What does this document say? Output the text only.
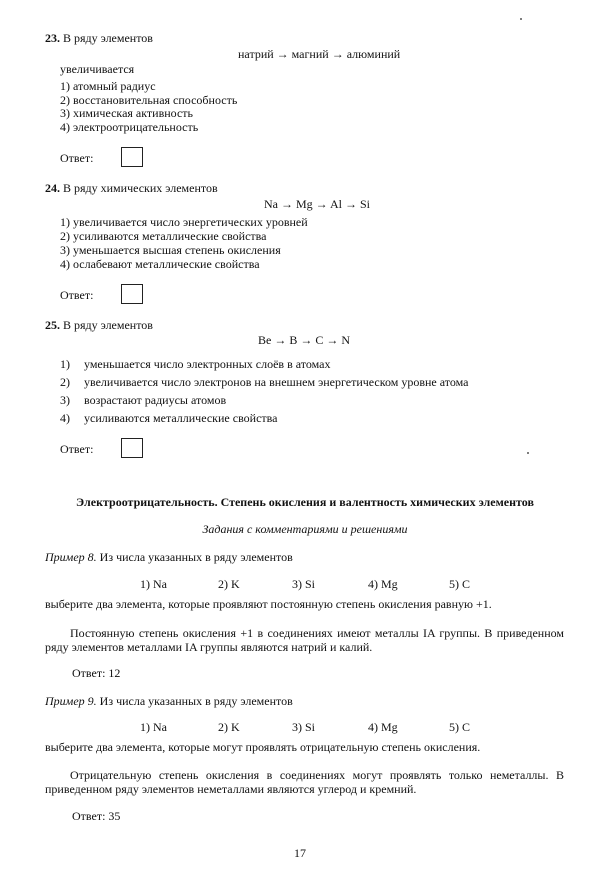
23. В ряду элементов
натрий → магний → алюминий
увеличивается
1) атомный радиус
2) восстановительная способность
3) химическая активность
4) электроотрицательность
Ответ:
24. В ряду химических элементов
Na → Mg → Al → Si
1) увеличивается число энергетических уровней
2) усиливаются металлические свойства
3) уменьшается высшая степень окисления
4) ослабевают металлические свойства
Ответ:
25. В ряду элементов
Be → B → C → N
1) уменьшается число электронных слоёв в атомах
2) увеличивается число электронов на внешнем энергетическом уровне атома
3) возрастают радиусы атомов
4) усиливаются металлические свойства
Ответ:
Электроотрицательность. Степень окисления и валентность химических элементов
Задания с комментариями и решениями
Пример 8. Из числа указанных в ряду элементов
1) Na	2) K	3) Si	4) Mg	5) C
выберите два элемента, которые проявляют постоянную степень окисления равную +1.
Постоянную степень окисления +1 в соединениях имеют металлы IA группы. В приведенном ряду элементов металлами IA группы являются натрий и калий.
Ответ: 12
Пример 9. Из числа указанных в ряду элементов
1) Na	2) K	3) Si	4) Mg	5) C
выберите два элемента, которые могут проявлять отрицательную степень окисления.
Отрицательную степень окисления в соединениях могут проявлять только неметаллы. В приведенном ряду элементов неметаллами являются углерод и кремний.
Ответ: 35
17
